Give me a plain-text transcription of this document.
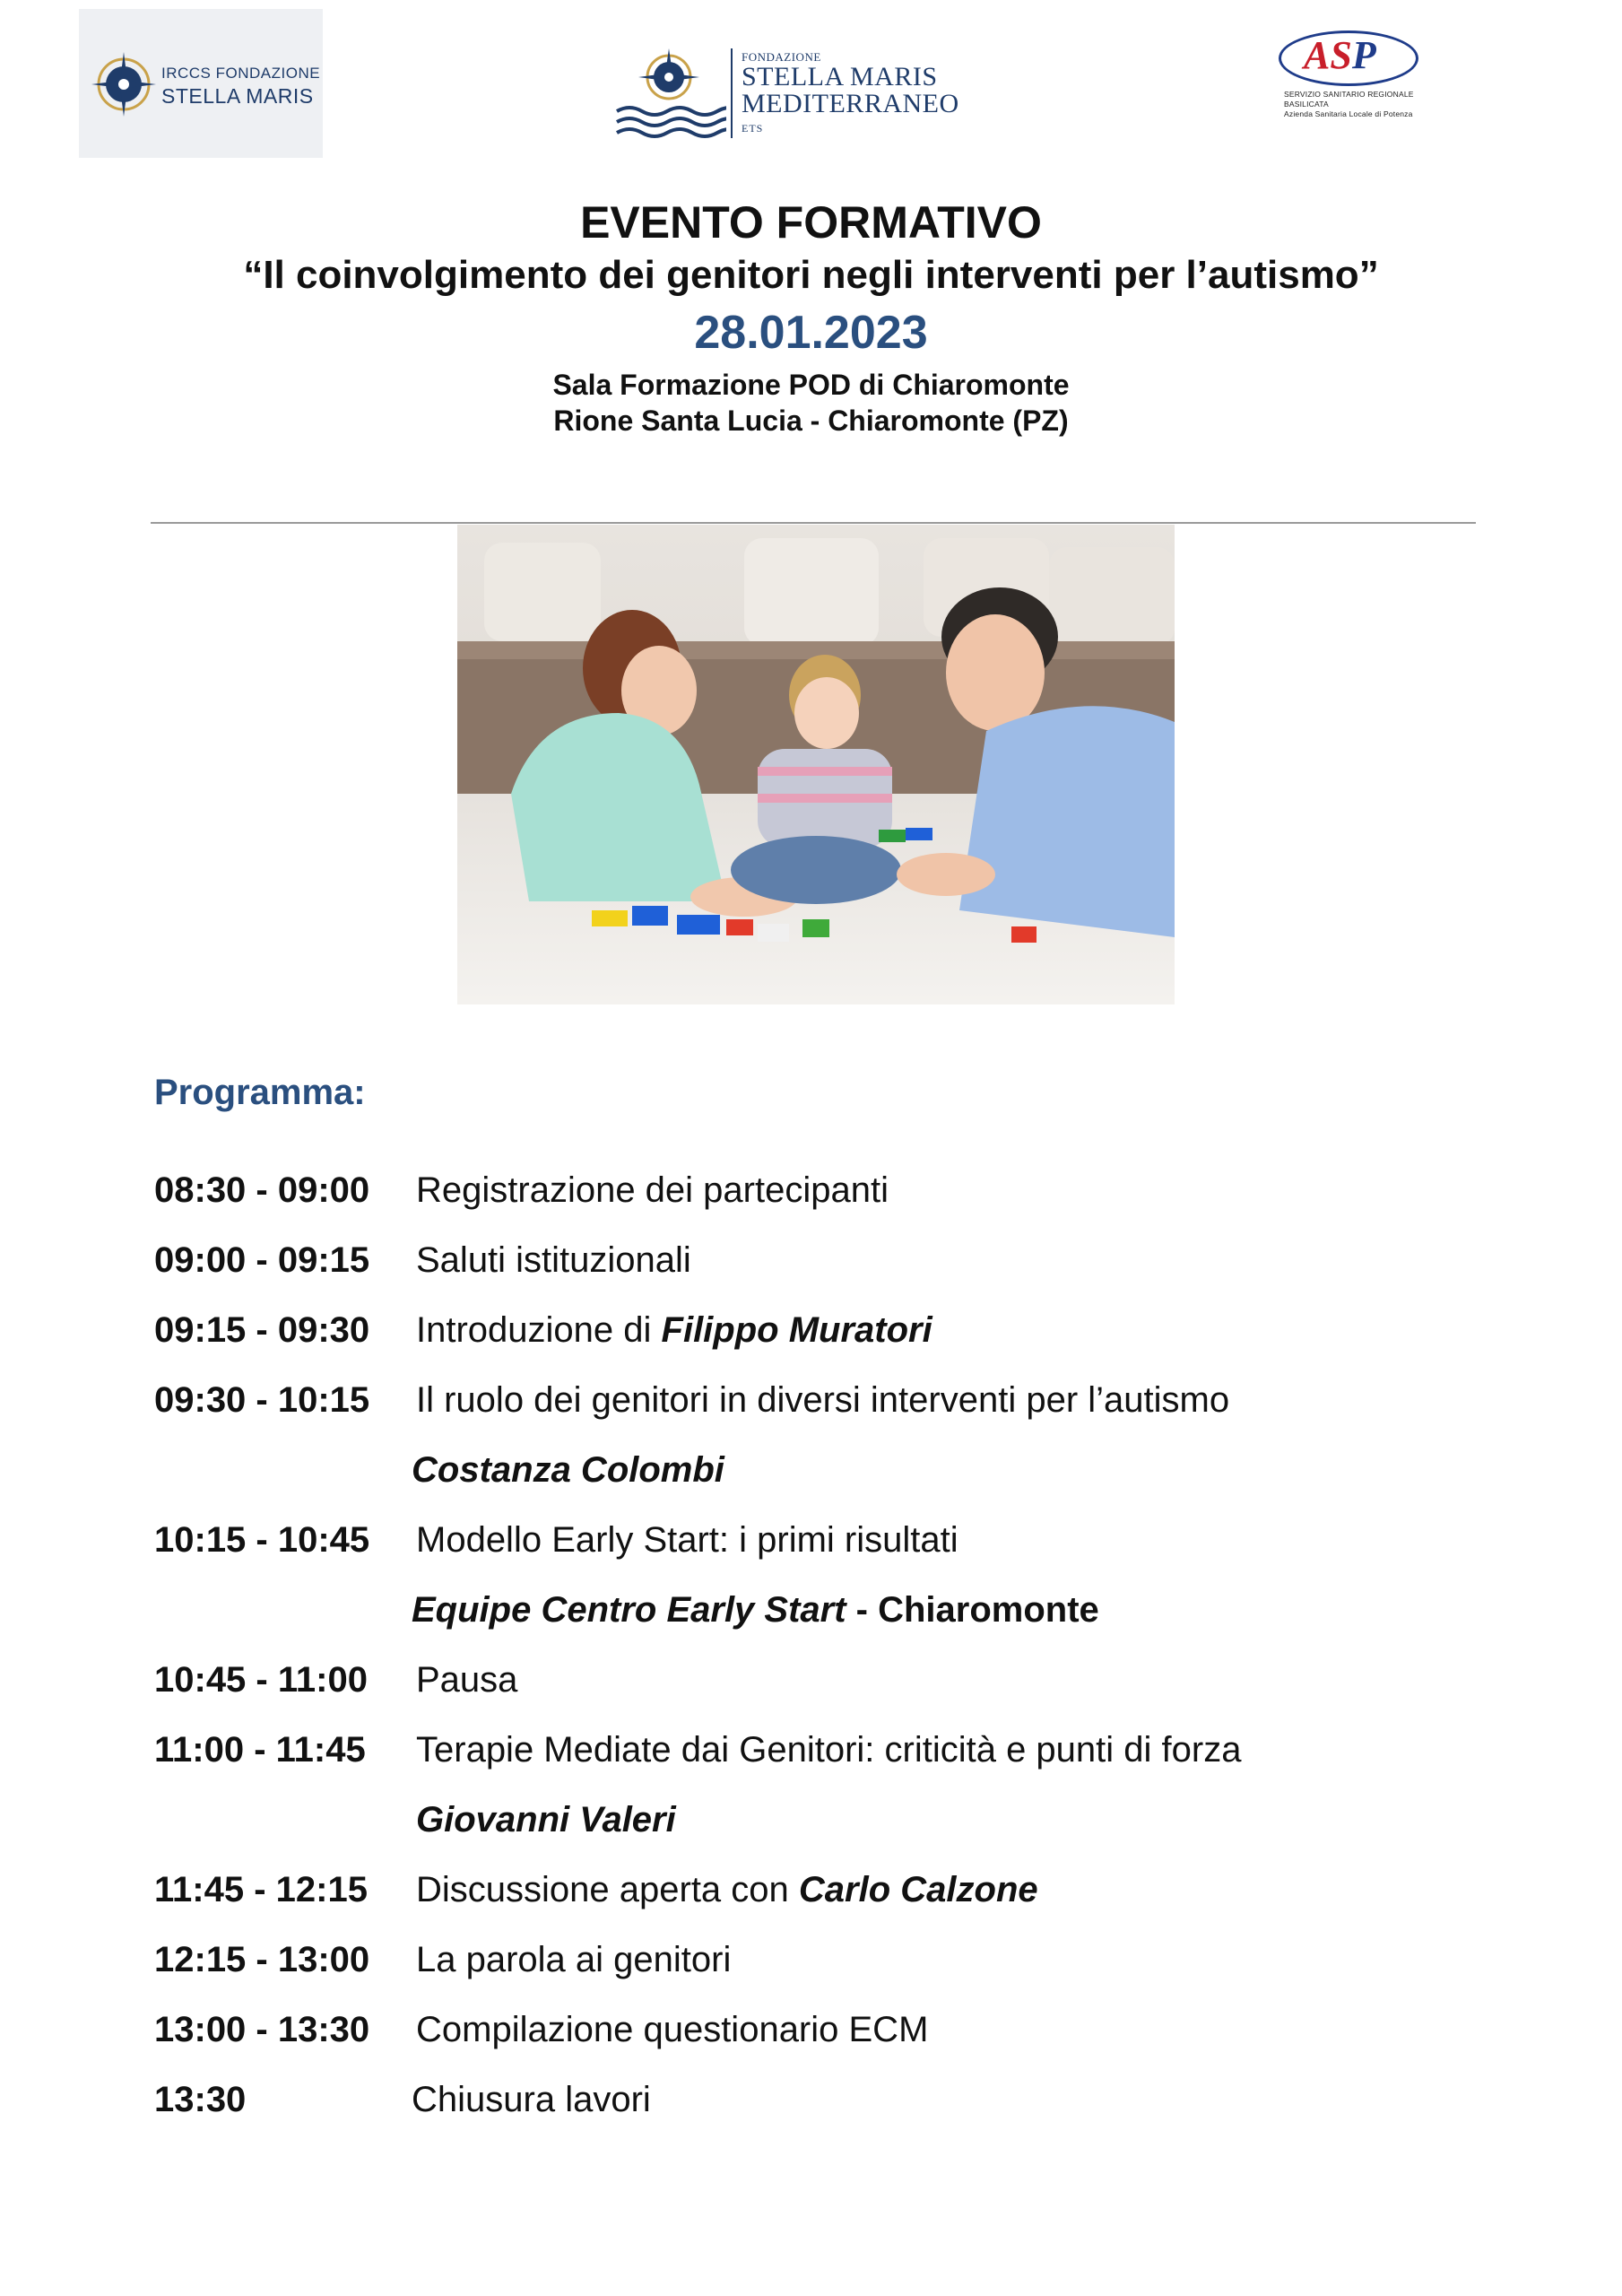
IRCCS FONDAZIONE
STELLA MARIS
FONDAZIONE
STELLA MARIS
MEDITERRANEO
ETS
ASP
SERVIZIO SANITARIO REGIONALE
BASILICATA
Azienda Sanitaria Locale di Potenza
EVENTO FORMATIVO
“Il coinvolgimento dei genitori negli interventi per l’autismo”
28.01.2023
Sala Formazione POD di Chiaromonte
Rione Santa Lucia - Chiaromonte (PZ)
Programma:
08:30 - 09:00 Registrazione dei partecipanti
09:00 - 09:15 Saluti istituzionali
09:15 - 09:30 Introduzione di Filippo Muratori
09:30 - 10:15 Il ruolo dei genitori in diversi interventi per l’autismo
Costanza Colombi
10:15 - 10:45 Modello Early Start: i primi risultati
Equipe Centro Early Start - Chiaromonte
10:45 - 11:00 Pausa
11:00 - 11:45 Terapie Mediate dai Genitori: criticità e punti di forza
Giovanni Valeri
11:45 - 12:15 Discussione aperta con Carlo Calzone
12:15 - 13:00 La parola ai genitori
13:00 - 13:30 Compilazione questionario ECM
13:30	Chiusura lavori
